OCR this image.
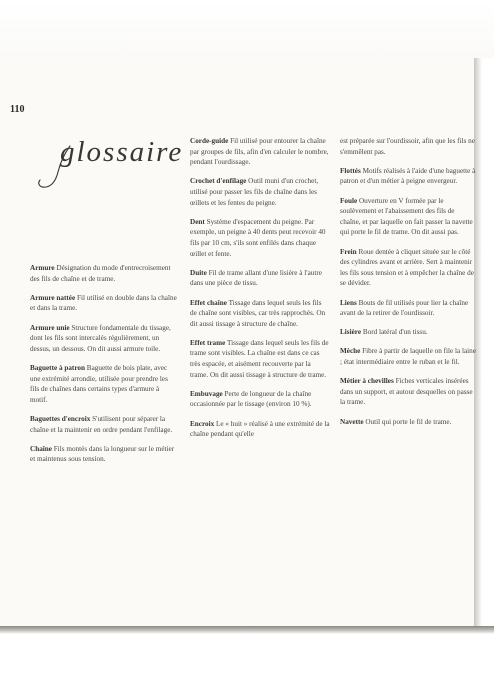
110
glossaire

Armure Désignation du mode d'entrecroisement des fils de chaîne et de trame.

Armure nattée Fil utilisé en double dans la chaîne et dans la trame.

Armure unie Structure fondamentale du tissage, dont les fils sont intercalés régulièrement, un dessus, un dessous. On dit aussi armure toile.

Baguette à patron Baguette de bois plate, avec une extrémité arrondie, utilisée pour prendre les fils de chaînes dans certains types d'armure à motif.

Baguettes d'encroix S'utilisent pour séparer la chaîne et la maintenir en ordre pendant l'enfilage.

Chaîne Fils montés dans la longueur sur le métier et maintenus sous tension.

Corde-guide Fil utilisé pour entourer la chaîne par groupes de fils, afin d'en calculer le nombre, pendant l'ourdissage.

Crochet d'enfilage Outil muni d'un crochet, utilisé pour passer les fils de chaîne dans les œillets et les fentes du peigne.

Dent Système d'espacement du peigne. Par exemple, un peigne à 40 dents peut recevoir 40 fils par 10 cm, s'ils sont enfilés dans chaque œillet et fente.

Duite Fil de trame allant d'une lisière à l'autre dans une pièce de tissu.

Effet chaîne Tissage dans lequel seuls les fils de chaîne sont visibles, car très rapprochés. On dit aussi tissage à structure de chaîne.

Effet trame Tissage dans lequel seuls les fils de trame sont visibles. La chaîne est dans ce cas très espacée, et aisément recouverte par la trame. On dit aussi tissage à structure de trame.

Embuvage Perte de longueur de la chaîne occasionnée par le tissage (environ 10 %).

Encroix Le « huit » réalisé à une extrémité de la chaîne pendant qu'elle

est préparée sur l'ourdissoir, afin que les fils ne s'emmêlent pas.

Flottés Motifs réalisés à l'aide d'une baguette à patron et d'un métier à peigne envergeur.

Foule Ouverture en V formée par le soulèvement et l'abaissement des fils de chaîne, et par laquelle on fait passer la navette qui porte le fil de trame. On dit aussi pas.

Frein Roue dentée à cliquet située sur le côté des cylindres avant et arrière. Sert à maintenir les fils sous tension et à empêcher la chaîne de se dévider.

Liens Bouts de fil utilisés pour lier la chaîne avant de la retirer de l'ourdissoir.

Lisière Bord latéral d'un tissu.

Mèche Fibre à partir de laquelle on file la laine ; état intermédiaire entre le ruban et le fil.

Métier à chevilles Fiches verticales insérées dans un support, et autour desquelles on passe la trame.

Navette Outil qui porte le fil de trame.
